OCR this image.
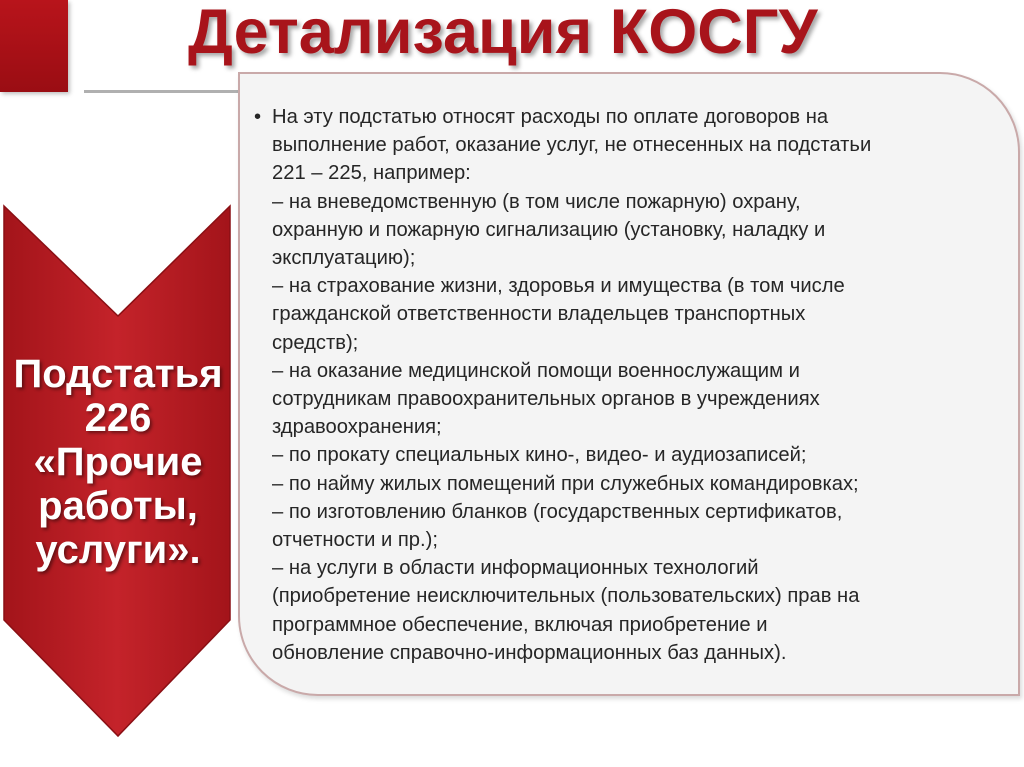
Детализация КОСГУ
Подстатья
226
«Прочие
работы,
услуги».
• На эту подстатью относят расходы по оплате договоров на
выполнение работ, оказание услуг, не отнесенных на подстатьи
221 – 225, например:
– на вневедомственную (в том числе пожарную) охрану,
охранную и пожарную сигнализацию (установку, наладку и
эксплуатацию);
– на страхование жизни, здоровья и имущества (в том числе
гражданской ответственности владельцев транспортных
средств);
– на оказание медицинской помощи военнослужащим и
сотрудникам правоохранительных органов в учреждениях
здравоохранения;
– по прокату специальных кино-, видео- и аудиозаписей;
– по найму жилых помещений при служебных командировках;
– по изготовлению бланков (государственных сертификатов,
отчетности и пр.);
– на услуги в области информационных технологий
(приобретение неисключительных (пользовательских) прав на
программное обеспечение, включая приобретение и
обновление справочно-информационных баз данных).
